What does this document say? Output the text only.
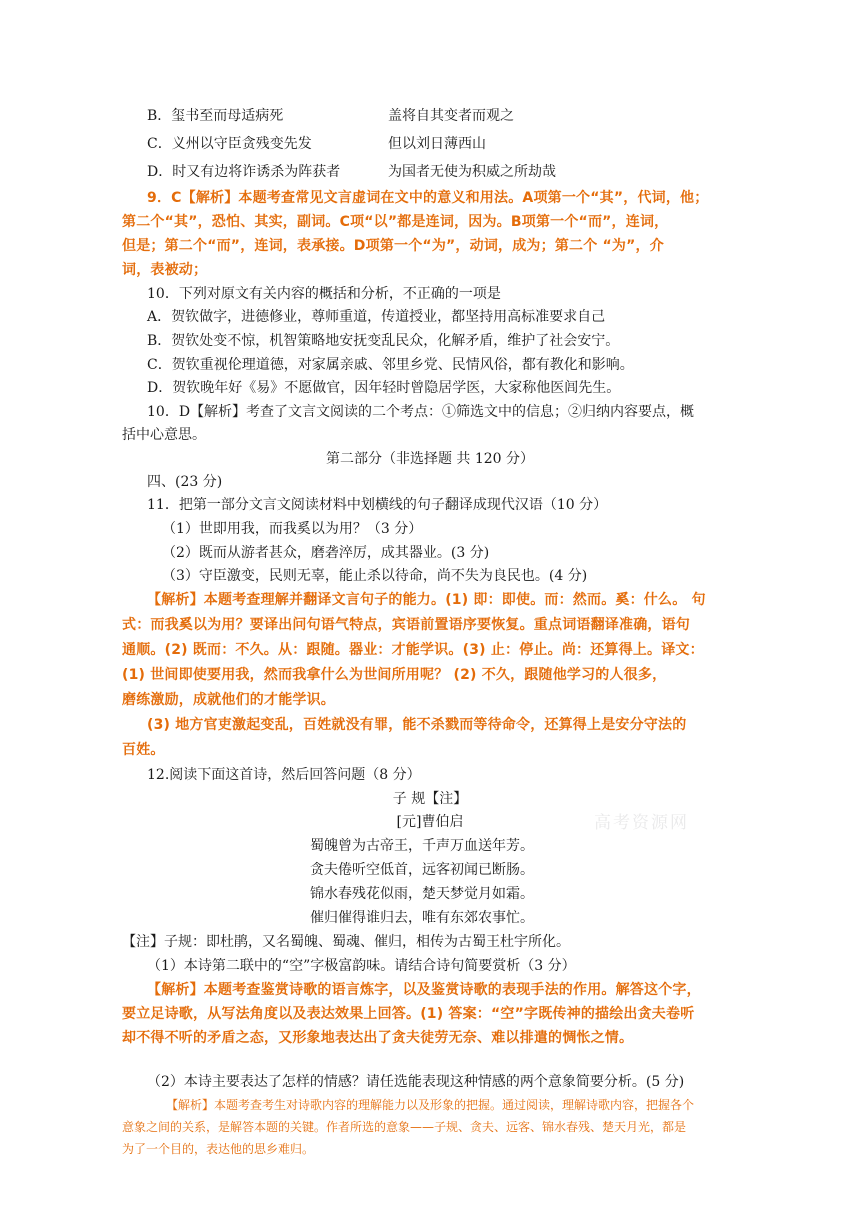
B．玺书至而母适病死	盖将自其变者而观之
C．义州以守臣贪残变先发	但以刘日薄西山
D．时又有边将诈诱杀为阵获者	为国者无使为积威之所劫哉
9．C【解析】本题考查常见文言虚词在文中的意义和用法。A项第一个“其”，代词，他；
第二个“其”，恐怕、其实，副词。C项“以”都是连词，因为。B项第一个“而”，连词，
但是；第二个“而”，连词，表承接。D项第一个“为”，动词，成为；第二个 “为”，介
词，表被动；
10．下列对原文有关内容的概括和分析，不正确的一项是
A．贺钦做字，进德修业，尊师重道，传道授业，都坚持用高标准要求自己
B．贺钦处变不惊，机智策略地安抚变乱民众，化解矛盾，维护了社会安宁。
C．贺钦重视伦理道德，对家属亲戚、邻里乡党、民情风俗，都有教化和影响。
D．贺钦晚年好《易》不愿做官，因年轻时曾隐居学医，大家称他医闾先生。
10．D【解析】考查了文言文阅读的二个考点：①筛选文中的信息；②归纳内容要点，概
括中心意思。
第二部分（非选择题 共 120 分）
四、(23 分)
11．把第一部分文言文阅读材料中划横线的句子翻译成现代汉语（10 分）
（1）世即用我，而我奚以为用？（3 分）
（2）既而从游者甚众，磨砻淬厉，成其器业。(3 分)
（3）守臣激变，民则无辜，能止杀以待命，尚不失为良民也。(4 分)
【解析】本题考查理解并翻译文言句子的能力。(1) 即：即使。而：然而。奚：什么。 句
式：而我奚以为用？要译出问句语气特点，宾语前置语序要恢复。重点词语翻译准确，语句
通顺。(2) 既而：不久。从：跟随。器业：才能学识。(3) 止：停止。尚：还算得上。译文：
(1) 世间即使要用我，然而我拿什么为世间所用呢？ (2) 不久，跟随他学习的人很多，
磨练激励，成就他们的才能学识。
(3) 地方官吏激起变乱，百姓就没有罪，能不杀戮而等待命令，还算得上是安分守法的
百姓。
12.阅读下面这首诗，然后回答问题（8 分）
子 规【注】
[元]曹伯启
蜀魄曾为古帝王，千声万血送年芳。
贪夫倦听空低首，远客初闻已断肠。
锦水春残花似雨，楚天梦觉月如霜。
催归催得谁归去，唯有东郊农事忙。
高考资源网
【注】子规：即杜鹃，又名蜀魄、蜀魂、催归，相传为古蜀王杜宇所化。
（1）本诗第二联中的“空”字极富韵味。请结合诗句简要赏析（3 分）
【解析】本题考查鉴赏诗歌的语言炼字，以及鉴赏诗歌的表现手法的作用。解答这个字，
要立足诗歌，从写法角度以及表达效果上回答。(1) 答案：“空”字既传神的描绘出贪夫卷听
却不得不听的矛盾之态，又形象地表达出了贪夫徒劳无奈、难以排遣的惆怅之情。
（2）本诗主要表达了怎样的情感？请任选能表现这种情感的两个意象简要分析。(5 分)
【解析】本题考查考生对诗歌内容的理解能力以及形象的把握。通过阅读，理解诗歌内容，把握各个
意象之间的关系，是解答本题的关键。作者所选的意象——子规、贪夫、远客、锦水春残、楚天月光，都是
为了一个目的，表达他的思乡难归。
